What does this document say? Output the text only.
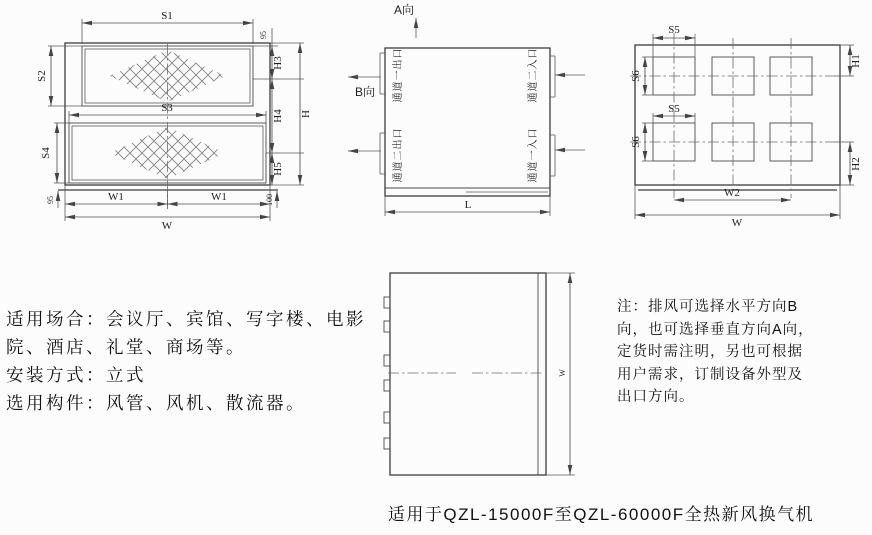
S1
95
S2
S3
S4
H3
H4
H5
H
95	100
W1	W1
W
A向
通道一出口
通道二出口
通道二入口
通道一入口
B向
L
S5
S6
S5
S6
H1
H2
W2
W
W
适用场合：会议厅、宾馆、写字楼、电影
院、酒店、礼堂、商场等。
安装方式：立式
选用构件：风管、风机、散流器。
注：排风可选择水平方向B
向，也可选择垂直方向A向，
定货时需注明，另也可根据
用户需求，订制设备外型及
出口方向。
适用于QZL-15000F至QZL-60000F全热新风换气机
